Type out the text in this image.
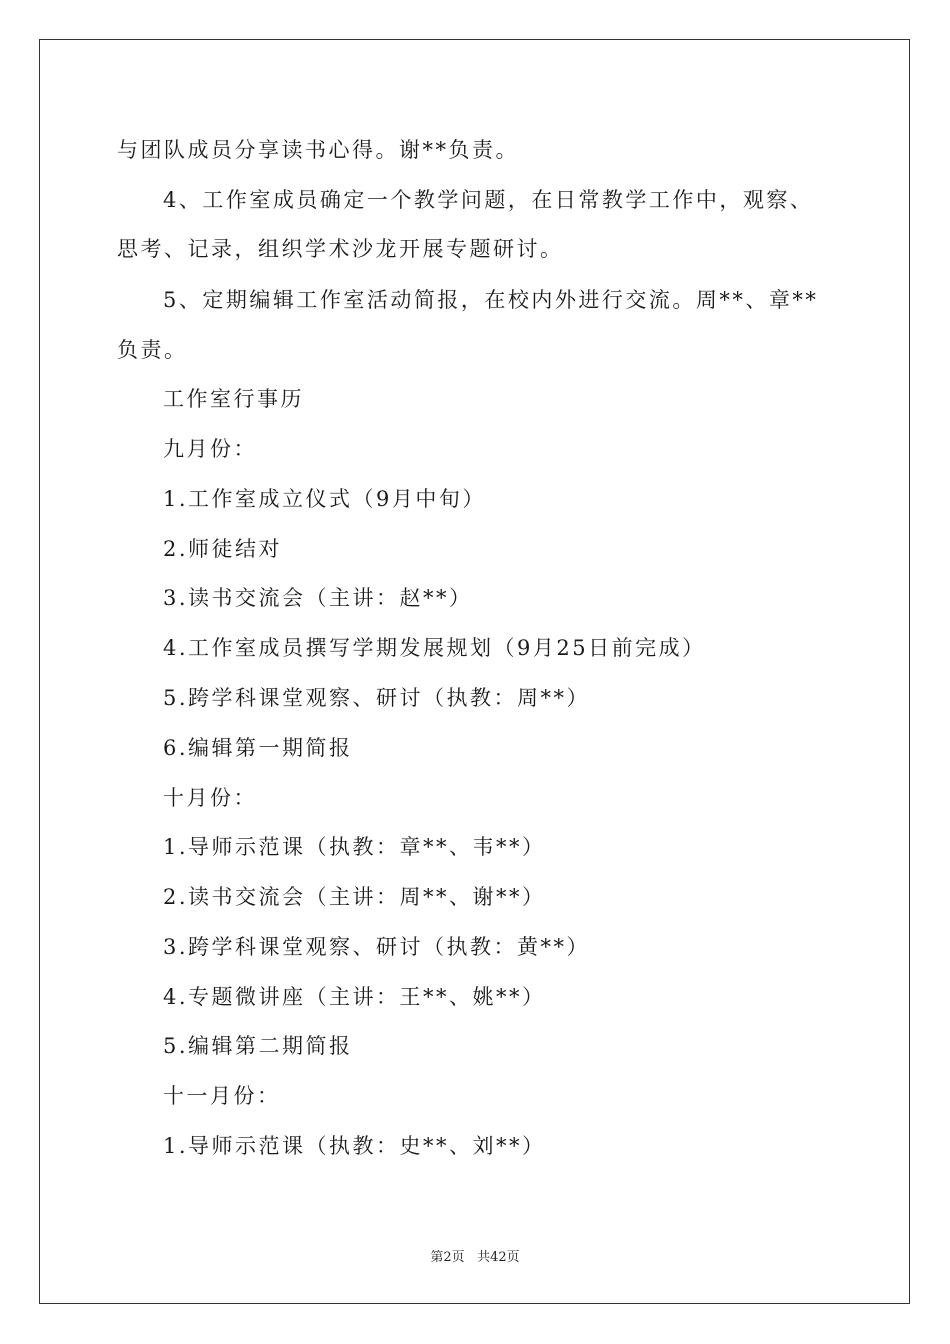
与团队成员分享读书心得。谢**负责。
4、工作室成员确定一个教学问题，在日常教学工作中，观察、
思考、记录，组织学术沙龙开展专题研讨。
5、定期编辑工作室活动简报，在校内外进行交流。周**、章**
负责。
工作室行事历
九月份：
1.工作室成立仪式（9月中旬）
2.师徒结对
3.读书交流会（主讲：赵**）
4.工作室成员撰写学期发展规划（9月25日前完成）
5.跨学科课堂观察、研讨（执教：周**）
6.编辑第一期简报
十月份：
1.导师示范课（执教：章**、韦**）
2.读书交流会（主讲：周**、谢**）
3.跨学科课堂观察、研讨（执教：黄**）
4.专题微讲座（主讲：王**、姚**）
5.编辑第二期简报
十一月份：
1.导师示范课（执教：史**、刘**）
第2页 共42页
